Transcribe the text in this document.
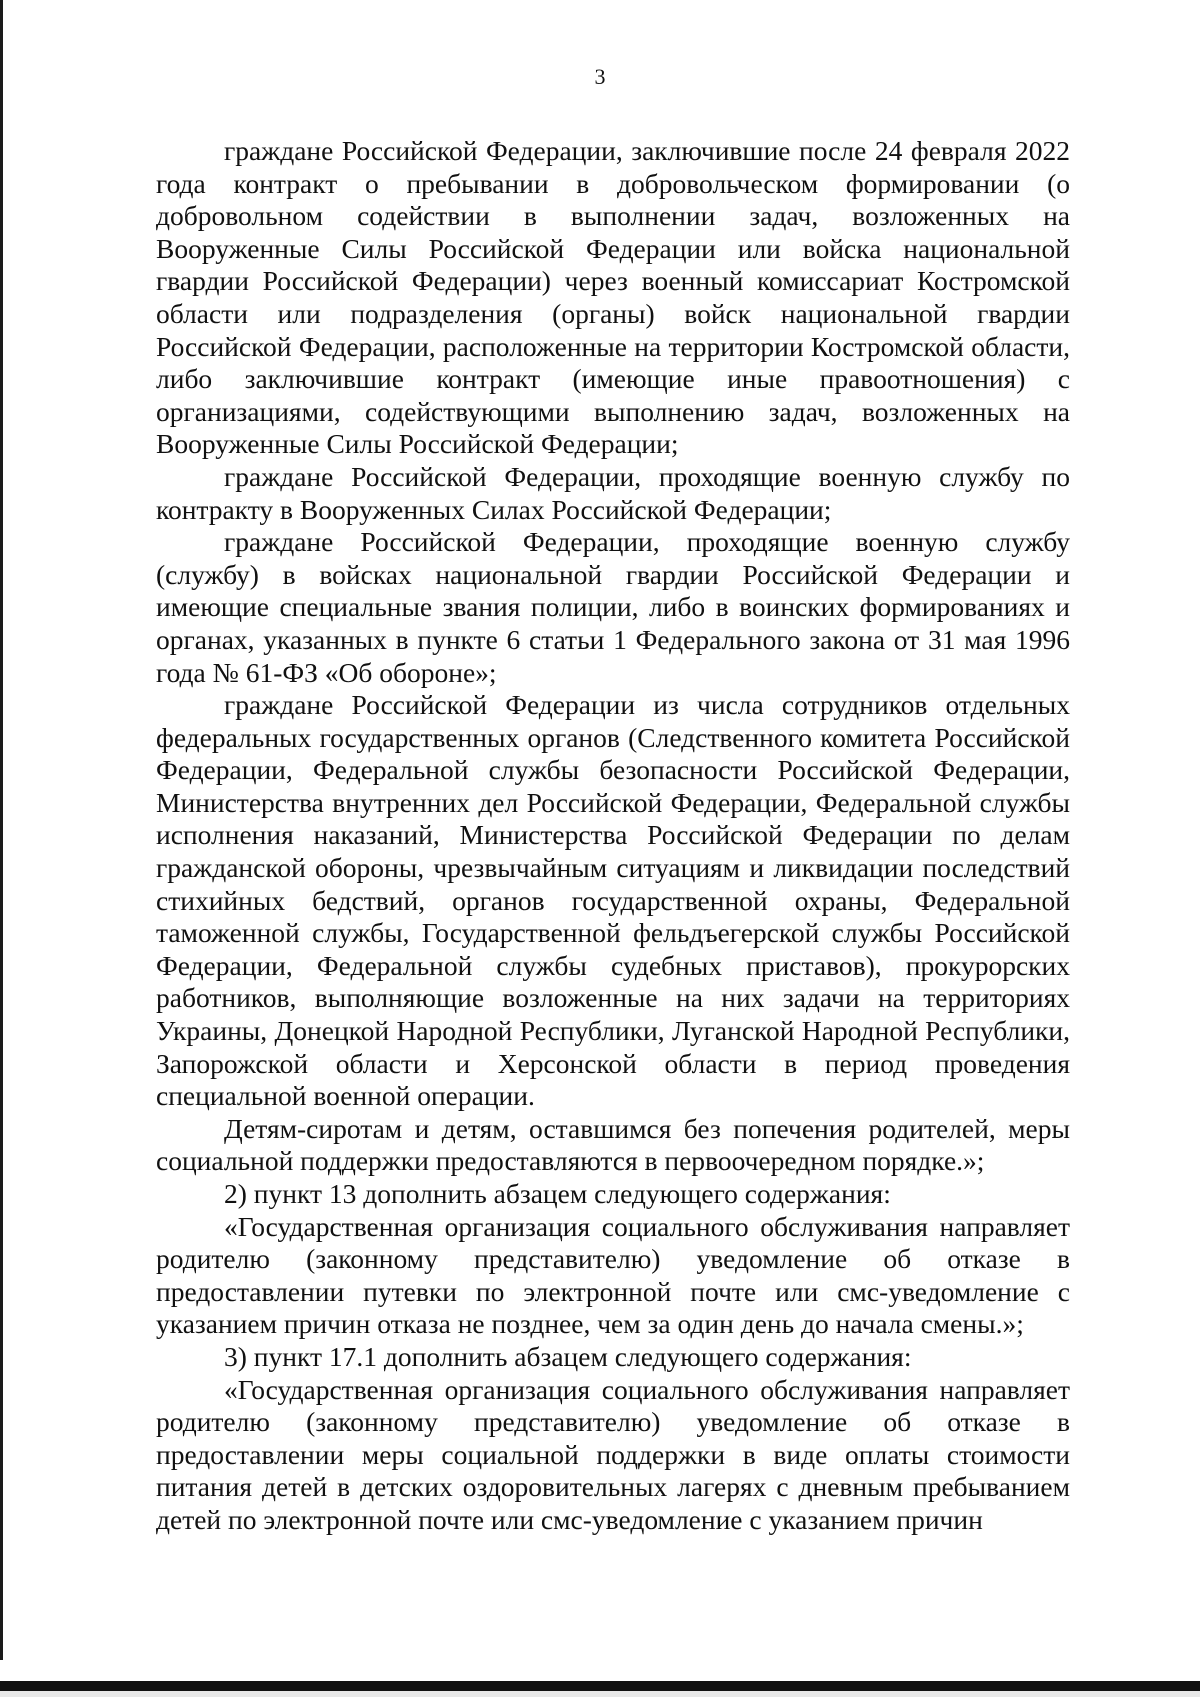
3

граждане Российской Федерации, заключившие после 24 февраля 2022 года контракт о пребывании в добровольческом формировании (о добровольном содействии в выполнении задач, возложенных на Вооруженные Силы Российской Федерации или войска национальной гвардии Российской Федерации) через военный комиссариат Костромской области или подразделения (органы) войск национальной гвардии Российской Федерации, расположенные на территории Костромской области, либо заключившие контракт (имеющие иные правоотношения) с организациями, содействующими выполнению задач, возложенных на Вооруженные Силы Российской Федерации;

граждане Российской Федерации, проходящие военную службу по контракту в Вооруженных Силах Российской Федерации;

граждане Российской Федерации, проходящие военную службу (службу) в войсках национальной гвардии Российской Федерации и имеющие специальные звания полиции, либо в воинских формированиях и органах, указанных в пункте 6 статьи 1 Федерального закона от 31 мая 1996 года № 61-ФЗ «Об обороне»;

граждане Российской Федерации из числа сотрудников отдельных федеральных государственных органов (Следственного комитета Российской Федерации, Федеральной службы безопасности Российской Федерации, Министерства внутренних дел Российской Федерации, Федеральной службы исполнения наказаний, Министерства Российской Федерации по делам гражданской обороны, чрезвычайным ситуациям и ликвидации последствий стихийных бедствий, органов государственной охраны, Федеральной таможенной службы, Государственной фельдъегерской службы Российской Федерации, Федеральной службы судебных приставов), прокурорских работников, выполняющие возложенные на них задачи на территориях Украины, Донецкой Народной Республики, Луганской Народной Республики, Запорожской области и Херсонской области в период проведения специальной военной операции.

Детям-сиротам и детям, оставшимся без попечения родителей, меры социальной поддержки предоставляются в первоочередном порядке.»;

2) пункт 13 дополнить абзацем следующего содержания:

«Государственная организация социального обслуживания направляет родителю (законному представителю) уведомление об отказе в предоставлении путевки по электронной почте или смс-уведомление с указанием причин отказа не позднее, чем за один день до начала смены.»;

3) пункт 17.1 дополнить абзацем следующего содержания:

«Государственная организация социального обслуживания направляет родителю (законному представителю) уведомление об отказе в предоставлении меры социальной поддержки в виде оплаты стоимости питания детей в детских оздоровительных лагерях с дневным пребыванием детей по электронной почте или смс-уведомление с указанием причин
